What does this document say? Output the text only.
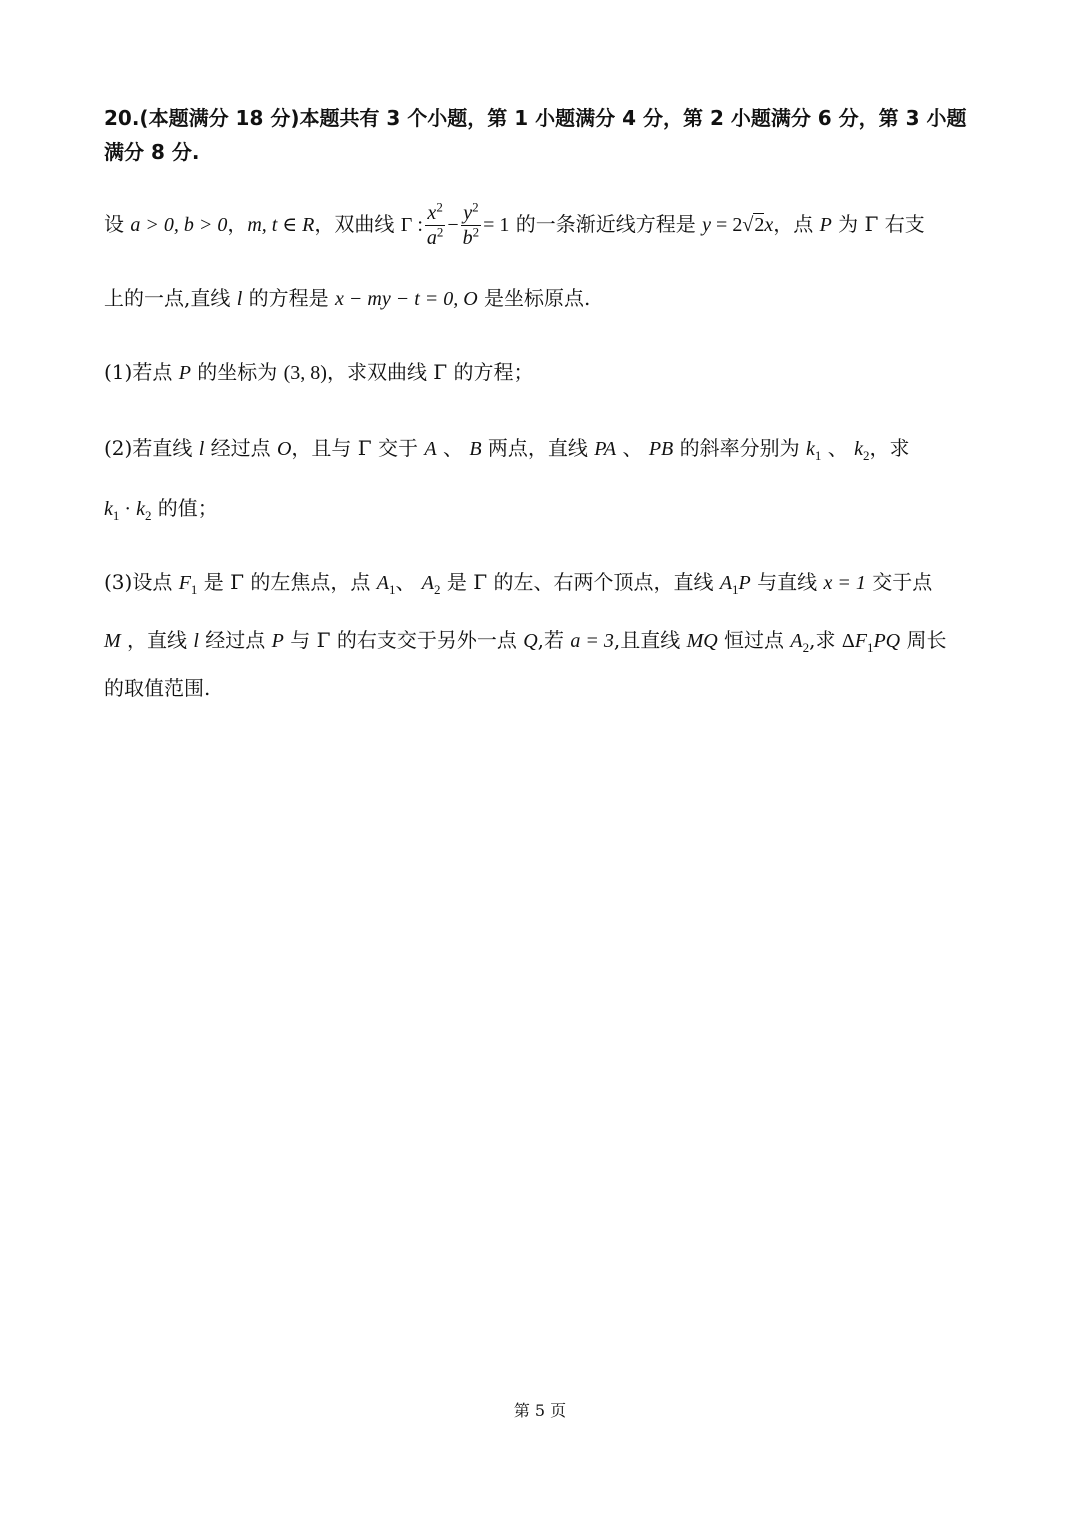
20.(本题满分 18 分)本题共有 3 个小题，第 1 小题满分 4 分，第 2 小题满分 6 分，第 3 小题
满分 8 分.
设 a > 0, b > 0，m, t ∈ R，双曲线 Γ : $\frac{x^2}{a^2} - \frac{y^2}{b^2} = 1$ 的一条渐近线方程是 y = 2√2x，点 P 为 Γ 右支
上的一点,直线 l 的方程是 x − my − t = 0, O 是坐标原点.
(1)若点 P 的坐标为 (3, 8)，求双曲线 Γ 的方程；
(2)若直线 l 经过点 O，且与 Γ 交于 A 、 B 两点，直线 PA 、 PB 的斜率分别为 $k_1$ 、 $k_2$，求
$k_1 \cdot k_2$ 的值；
(3)设点 $F_1$ 是 Γ 的左焦点，点 $A_1$、 $A_2$ 是 Γ 的左、右两个顶点，直线 $A_1P$ 与直线 x = 1 交于点
M ，直线 l 经过点 P 与 Γ 的右支交于另外一点 Q,若 a = 3,且直线 MQ 恒过点 $A_2$,求 $\Delta F_1PQ$ 周长
的取值范围.
第 5 页
